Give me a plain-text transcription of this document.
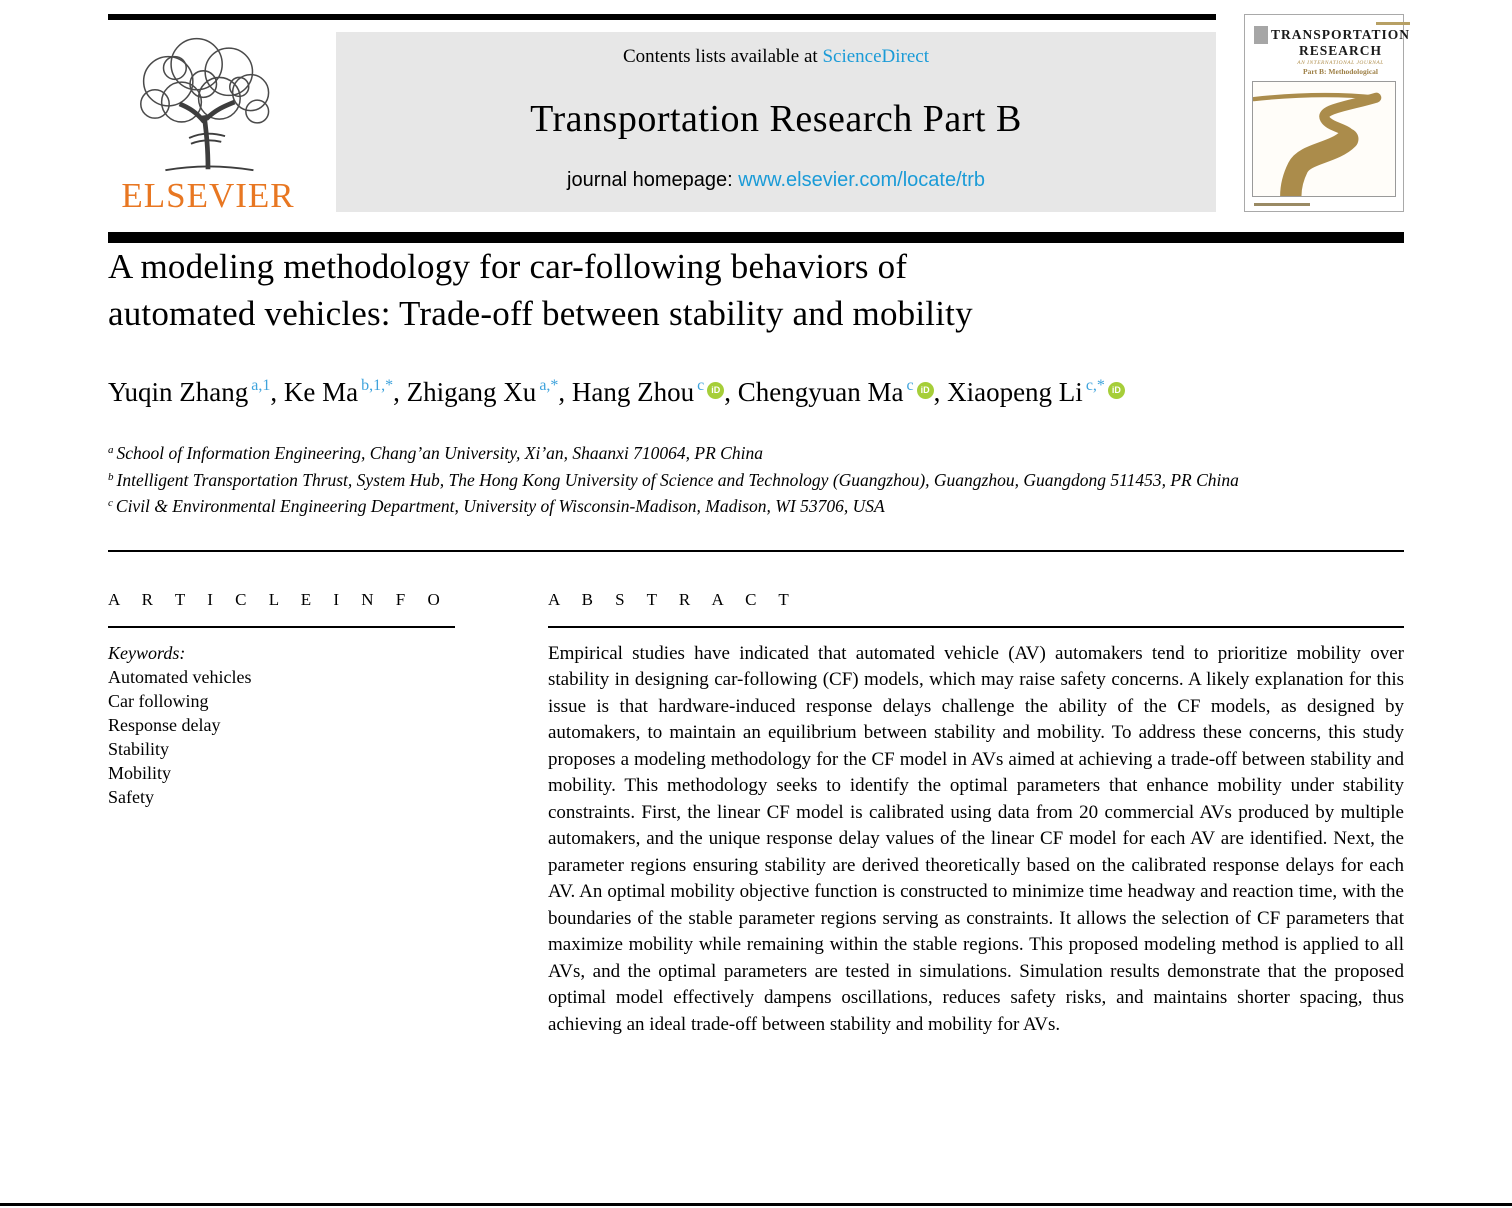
ELSEVIER
Contents lists available at ScienceDirect
Transportation Research Part B
journal homepage: www.elsevier.com/locate/trb
TRANSPORTATION
RESEARCH
AN INTERNATIONAL JOURNAL
Part B: Methodological
A modeling methodology for car-following behaviors of
automated vehicles: Trade-off between stability and mobility
Yuqin Zhang $^{a,1}$, Ke Ma $^{b,1,*}$, Zhigang Xu $^{a,*}$, Hang Zhou $^c$ iD , Chengyuan Ma $^c$ iD , Xiaopeng Li $^{c,*}$ iD
$^a$ School of Information Engineering, Chang’an University, Xi’an, Shaanxi 710064, PR China
$^b$ Intelligent Transportation Thrust, System Hub, The Hong Kong University of Science and Technology (Guangzhou), Guangzhou, Guangdong 511453, PR China
$^c$ Civil & Environmental Engineering Department, University of Wisconsin-Madison, Madison, WI 53706, USA
A R T I C L E I N F O
Keywords:
Automated vehicles
Car following
Response delay
Stability
Mobility
Safety
A B S T R A C T
Empirical studies have indicated that automated vehicle (AV) automakers tend to prioritize mobility over stability in designing car-following (CF) models, which may raise safety concerns. A likely explanation for this issue is that hardware-induced response delays challenge the ability of the CF models, as designed by automakers, to maintain an equilibrium between stability and mobility. To address these concerns, this study proposes a modeling methodology for the CF model in AVs aimed at achieving a trade-off between stability and mobility. This methodology seeks to identify the optimal parameters that enhance mobility under stability constraints. First, the linear CF model is calibrated using data from 20 commercial AVs produced by multiple automakers, and the unique response delay values of the linear CF model for each AV are identified. Next, the parameter regions ensuring stability are derived theoretically based on the calibrated response delays for each AV. An optimal mobility objective function is constructed to minimize time headway and reaction time, with the boundaries of the stable parameter regions serving as constraints. It allows the selection of CF parameters that maximize mobility while remaining within the stable regions. This proposed modeling method is applied to all AVs, and the optimal parameters are tested in simulations. Simulation results demonstrate that the proposed optimal model effectively dampens oscillations, reduces safety risks, and maintains shorter spacing, thus achieving an ideal trade-off between stability and mobility for AVs.
